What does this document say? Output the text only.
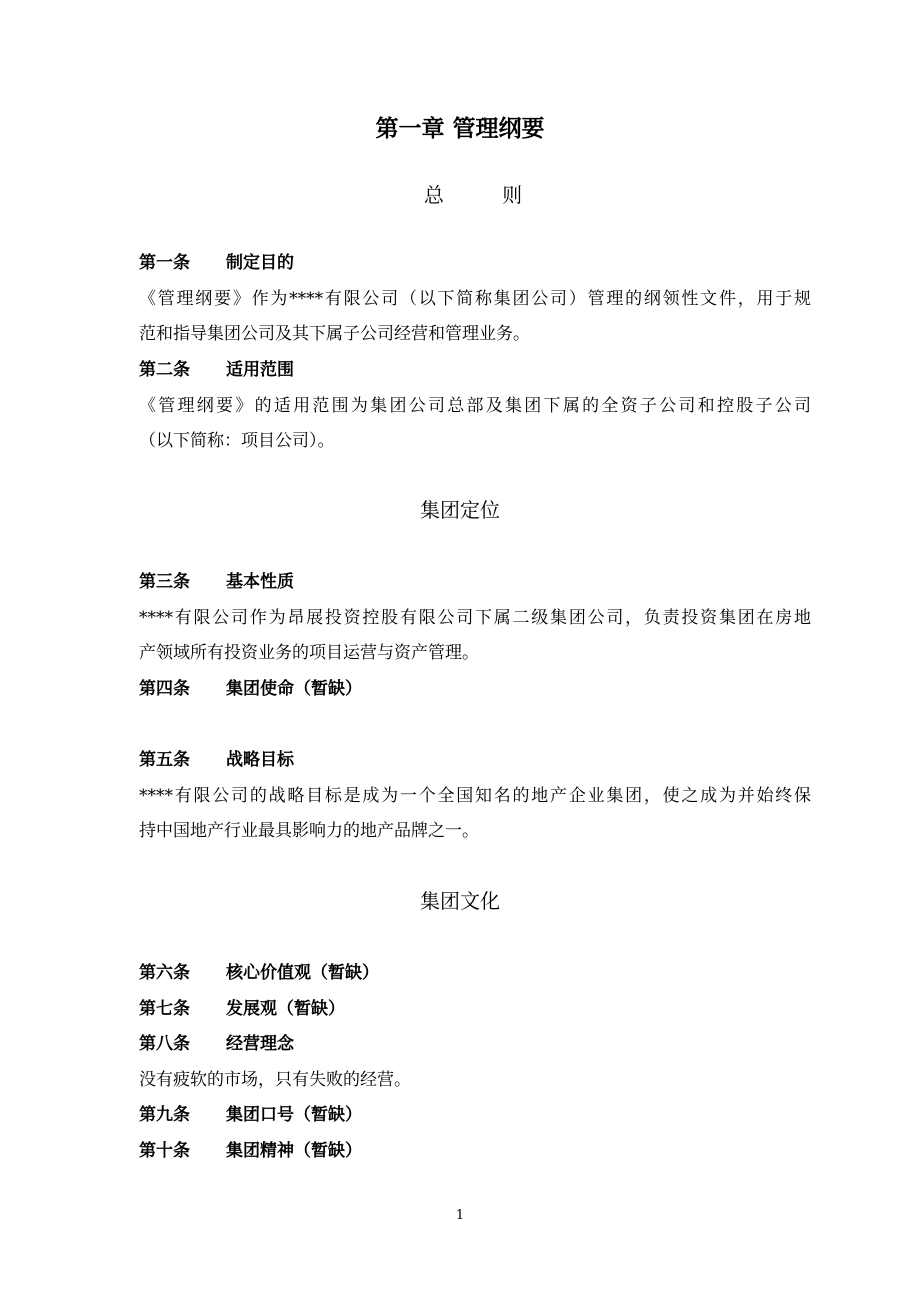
第一章 管理纲要
总 则
第一条 制定目的
《管理纲要》作为****有限公司（以下简称集团公司）管理的纲领性文件，用于规
范和指导集团公司及其下属子公司经营和管理业务。
第二条 适用范围
《管理纲要》的适用范围为集团公司总部及集团下属的全资子公司和控股子公司
（以下简称：项目公司）。
集团定位
第三条 基本性质
****有限公司作为昂展投资控股有限公司下属二级集团公司，负责投资集团在房地
产领域所有投资业务的项目运营与资产管理。
第四条 集团使命（暂缺）
第五条 战略目标
****有限公司的战略目标是成为一个全国知名的地产企业集团，使之成为并始终保
持中国地产行业最具影响力的地产品牌之一。
集团文化
第六条 核心价值观（暂缺）
第七条 发展观（暂缺）
第八条 经营理念
没有疲软的市场，只有失败的经营。
第九条 集团口号（暂缺）
第十条 集团精神（暂缺）
1
